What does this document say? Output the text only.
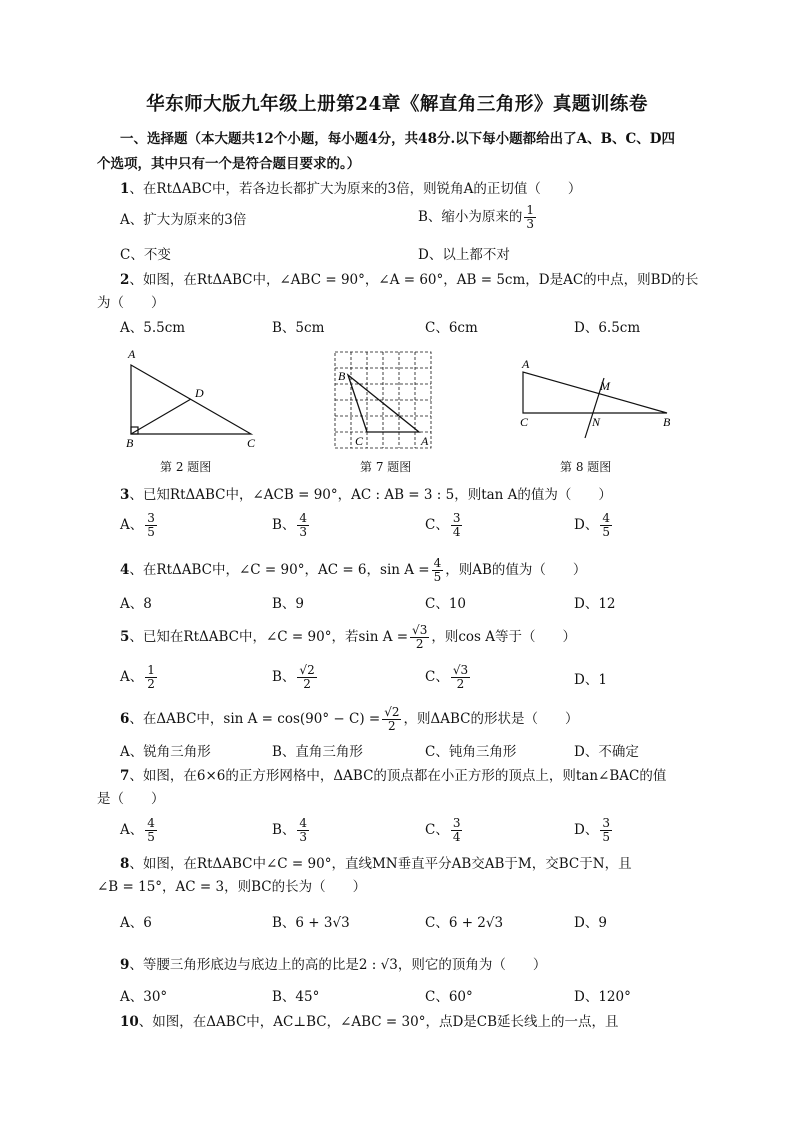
华东师大版九年级上册第24章《解直角三角形》真题训练卷
一、选择题（本大题共12个小题，每小题4分，共48分.以下每小题都给出了A、B、C、D四
个选项，其中只有一个是符合题目要求的。）
1、在RtΔABC中，若各边长都扩大为原来的3倍，则锐角A的正切值（　　）
A、扩大为原来的3倍	B、缩小为原来的 $\frac{1}{3}$
C、不变	D、以上都不对
2、如图，在RtΔABC中，∠ABC = 90°，∠A = 60°，AB = 5cm，D是AC的中点，则BD的长
为（　　）
A、5.5cm	B、5cm	C、6cm	D、6.5cm
A
B	C
D
B
C	A
A
M
C	N	B
第 2 题图	第 7 题图	第 8 题图
3、已知RtΔABC中，∠ACB = 90°，AC : AB = 3 : 5，则tan A的值为（　　）
A、 $\frac{3}{5}$	B、 $\frac{4}{3}$	C、 $\frac{3}{4}$	D、 $\frac{4}{5}$
4、在RtΔABC中，∠C = 90°，AC = 6，$\sin A = \frac{4}{5}$ ，则AB的值为（　　）
A、8	B、9	C、10	D、12
5、已知在RtΔABC中，∠C = 90°，若$\sin A = \frac{√3}{2}$ ，则cos A等于（　　）
A、 $\frac{1}{2}$	B、 $\frac{√2}{2}$	C、 $\frac{√3}{2}$	D、1
6、在ΔABC中，$\sin A = \cos(90^\circ - C) = \frac{√2}{2}$ ，则ΔABC的形状是（　　）
A、锐角三角形	B、直角三角形	C、钝角三角形	D、不确定
7、如图，在6×6的正方形网格中，ΔABC的顶点都在小正方形的顶点上，则tan∠BAC的值
是（　　）
A、 $\frac{4}{5}$	B、 $\frac{4}{3}$	C、 $\frac{3}{4}$	D、 $\frac{3}{5}$
8、如图，在RtΔABC中∠C = 90°，直线MN垂直平分AB交AB于M，交BC于N，且
∠B = 15°，AC = 3，则BC的长为（　　）
A、6	B、6 + 3√3	C、6 + 2√3	D、9
9、等腰三角形底边与底边上的高的比是2 : √3，则它的顶角为（　　）
A、30°	B、45°	C、60°	D、120°
10、如图，在ΔABC中，AC⊥BC，∠ABC = 30°，点D是CB延长线上的一点，且
